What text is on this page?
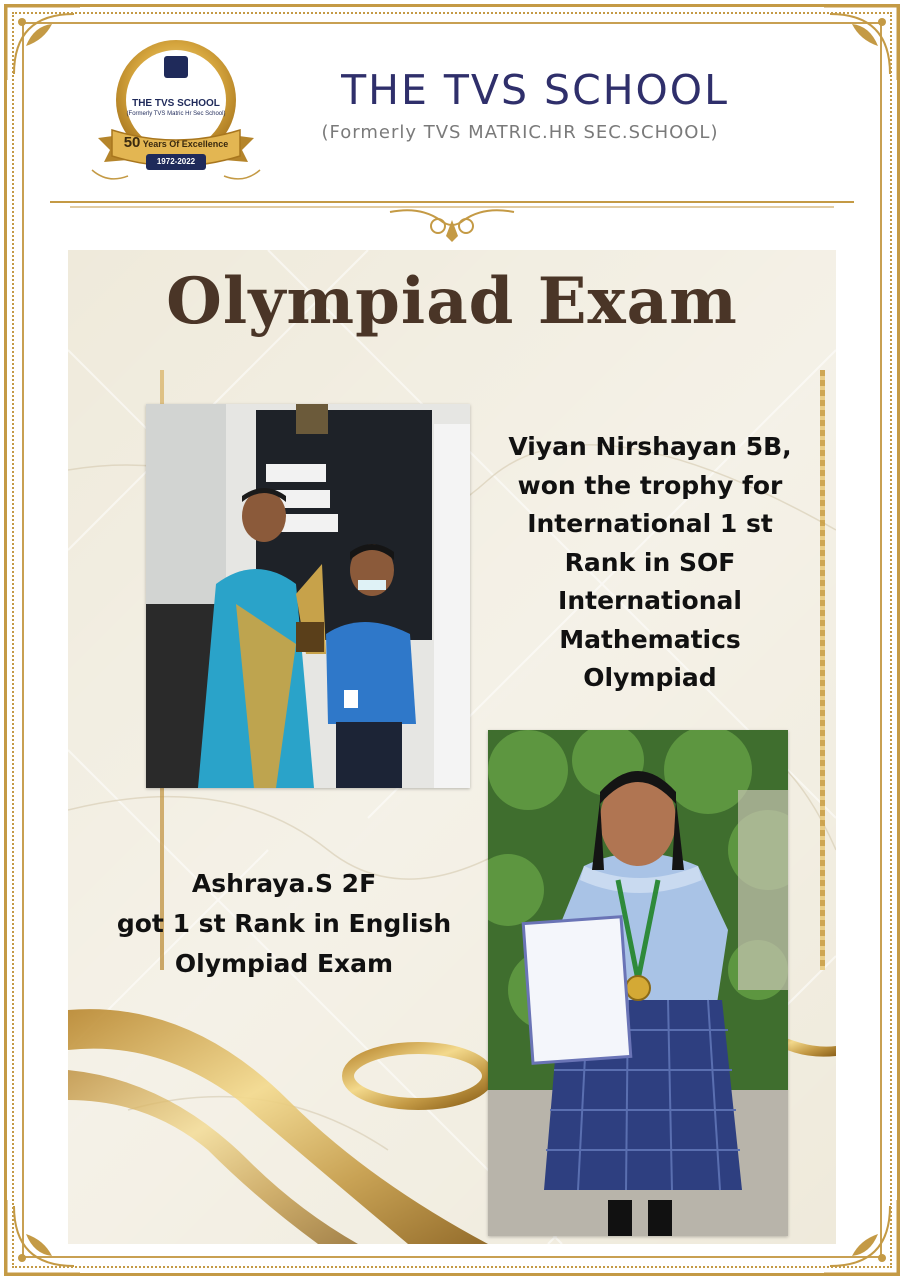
THE TVS SCHOOL
(Formerly TVS Matric Hr Sec School)
50 Years Of Excellence
1972-2022
THE TVS SCHOOL
(Formerly TVS MATRIC.HR SEC.SCHOOL)
Olympiad Exam
Viyan Nirshayan 5B,
won the trophy for
International 1 st
Rank in SOF
International
Mathematics
Olympiad
Ashraya.S 2F
got 1 st Rank in English
Olympiad Exam
